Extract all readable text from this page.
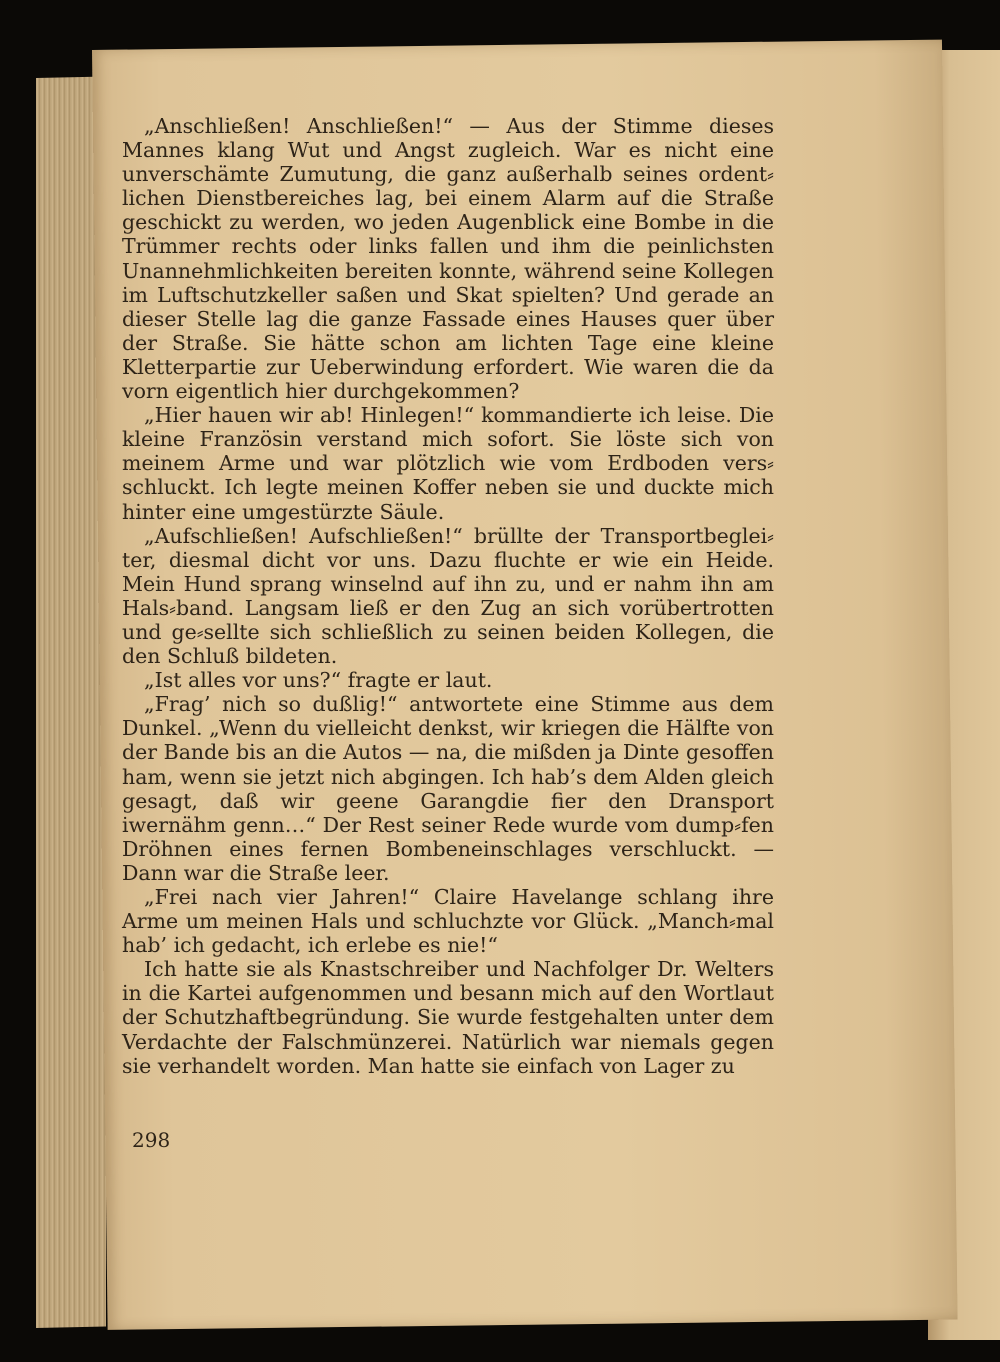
„Anschließen! Anschließen!“ — Aus der Stimme dieses Mannes klang Wut und Angst zugleich. War es nicht eine unverschämte Zumutung, die ganz außerhalb seines ordent⸗lichen Dienstbereiches lag, bei einem Alarm auf die Straße geschickt zu werden, wo jeden Augenblick eine Bombe in die Trümmer rechts oder links fallen und ihm die peinlichsten Unannehmlichkeiten bereiten konnte, während seine Kollegen im Luftschutzkeller saßen und Skat spielten? Und gerade an dieser Stelle lag die ganze Fassade eines Hauses quer über der Straße. Sie hätte schon am lichten Tage eine kleine Kletterpartie zur Ueberwindung erfordert. Wie waren die da vorn eigentlich hier durchgekommen?

„Hier hauen wir ab! Hinlegen!“ kommandierte ich leise. Die kleine Französin verstand mich sofort. Sie löste sich von meinem Arme und war plötzlich wie vom Erdboden vers⸗schluckt. Ich legte meinen Koffer neben sie und duckte mich hinter eine umgestürzte Säule.

„Aufschließen! Aufschließen!“ brüllte der Transportbeglei⸗ter, diesmal dicht vor uns. Dazu fluchte er wie ein Heide. Mein Hund sprang winselnd auf ihn zu, und er nahm ihn am Hals⸗band. Langsam ließ er den Zug an sich vorübertrotten und ge⸗sellte sich schließlich zu seinen beiden Kollegen, die den Schluß bildeten.

„Ist alles vor uns?“ fragte er laut.

„Frag’ nich so dußlig!“ antwortete eine Stimme aus dem Dunkel. „Wenn du vielleicht denkst, wir kriegen die Hälfte von der Bande bis an die Autos — na, die mißden ja Dinte gesoffen ham, wenn sie jetzt nich abgingen. Ich hab’s dem Alden gleich gesagt, daß wir geene Garangdie fier den Dransport iwernähm genn…“ Der Rest seiner Rede wurde vom dump⸗fen Dröhnen eines fernen Bombeneinschlages verschluckt. — Dann war die Straße leer.

„Frei nach vier Jahren!“ Claire Havelange schlang ihre Arme um meinen Hals und schluchzte vor Glück. „Manch⸗mal hab’ ich gedacht, ich erlebe es nie!“

Ich hatte sie als Knastschreiber und Nachfolger Dr. Welters in die Kartei aufgenommen und besann mich auf den Wortlaut der Schutzhaftbegründung. Sie wurde festgehalten unter dem Verdachte der Falschmünzerei. Natürlich war niemals gegen sie verhandelt worden. Man hatte sie einfach von Lager zu

298
